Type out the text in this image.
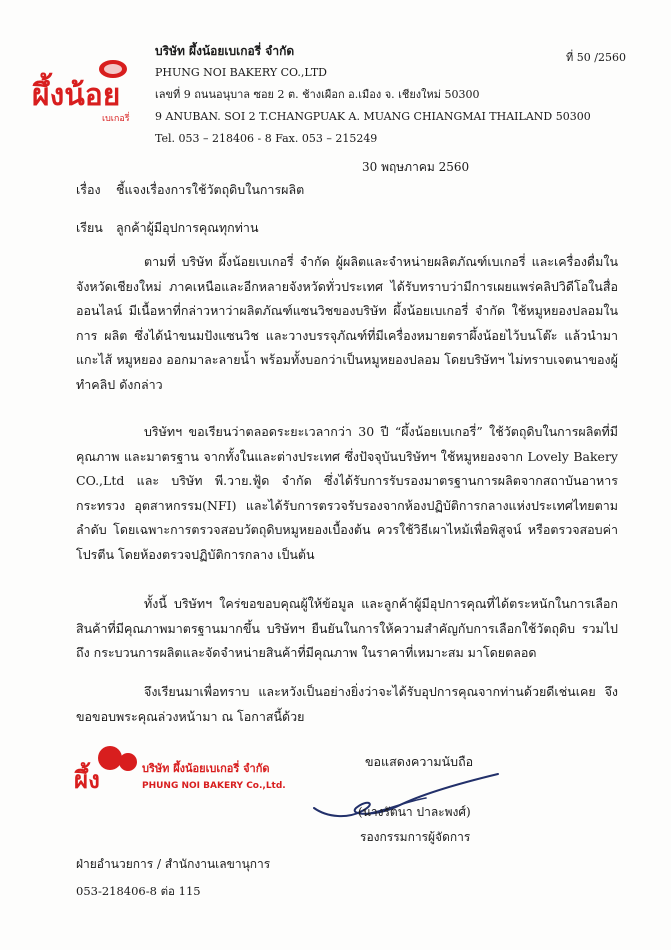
ผึ้งน้อย
เบเกอรี่
บริษัท ผึ้งน้อยเบเกอรี่ จำกัด
PHUNG NOI BAKERY CO.,LTD
เลขที่ 9 ถนนอนุบาล ซอย 2 ต. ช้างเผือก อ.เมือง จ. เชียงใหม่ 50300
9 ANUBAN. SOI 2 T.CHANGPUAK A. MUANG CHIANGMAI THAILAND 50300
Tel. 053 – 218406 - 8 Fax. 053 – 215249
ที่ 50 /2560
30 พฤษภาคม 2560
เรื่อง ชี้แจงเรื่องการใช้วัตถุดิบในการผลิต
เรียน ลูกค้าผู้มีอุปการคุณทุกท่าน
ตามที่ บริษัท ผึ้งน้อยเบเกอรี่ จำกัด ผู้ผลิตและจำหน่ายผลิตภัณฑ์เบเกอรี่ และเครื่องดื่มใน จังหวัดเชียงใหม่ ภาคเหนือและอีกหลายจังหวัดทั่วประเทศ ได้รับทราบว่ามีการเผยแพร่คลิปวิดีโอในสื่อ ออนไลน์ มีเนื้อหาที่กล่าวหาว่าผลิตภัณฑ์แซนวิชของบริษัท ผึ้งน้อยเบเกอรี่ จำกัด ใช้หมูหยองปลอมในการ ผลิต ซึ่งได้นำขนมปังแซนวิช และวางบรรจุภัณฑ์ที่มีเครื่องหมายตราผึ้งน้อยไว้บนโต๊ะ แล้วนำมาแกะไส้ หมูหยอง ออกมาละลายน้ำ พร้อมทั้งบอกว่าเป็นหมูหยองปลอม โดยบริษัทฯ ไม่ทราบเจตนาของผู้ทำคลิป ดังกล่าว
บริษัทฯ ขอเรียนว่าตลอดระยะเวลากว่า 30 ปี “ผึ้งน้อยเบเกอรี่” ใช้วัตถุดิบในการผลิตที่มี คุณภาพ และมาตรฐาน จากทั้งในและต่างประเทศ ซึ่งปัจจุบันบริษัทฯ ใช้หมูหยองจาก Lovely Bakery CO.,Ltd และ บริษัท พี.วาย.ฟู้ด จำกัด ซึ่งได้รับการรับรองมาตรฐานการผลิตจากสถาบันอาหาร กระทรวง อุตสาหกรรม(NFI) และได้รับการตรวจรับรองจากห้องปฏิบัติการกลางแห่งประเทศไทยตามลำดับ โดยเฉพาะการตรวจสอบวัตถุดิบหมูหยองเบื้องต้น ควรใช้วิธีเผาไหม้เพื่อพิสูจน์ หรือตรวจสอบค่าโปรตีน โดยห้องตรวจปฏิบัติการกลาง เป็นต้น
ทั้งนี้ บริษัทฯ ใคร่ขอขอบคุณผู้ให้ข้อมูล และลูกค้าผู้มีอุปการคุณที่ได้ตระหนักในการเลือก สินค้าที่มีคุณภาพมาตรฐานมากขึ้น บริษัทฯ ยืนยันในการให้ความสำคัญกับการเลือกใช้วัตถุดิบ รวมไปถึง กระบวนการผลิตและจัดจำหน่ายสินค้าที่มีคุณภาพ ในราคาที่เหมาะสม มาโดยตลอด
จึงเรียนมาเพื่อทราบ และหวังเป็นอย่างยิ่งว่าจะได้รับอุปการคุณจากท่านด้วยดีเช่นเคย จึง ขอขอบพระคุณล่วงหน้ามา ณ โอกาสนี้ด้วย
ผึ้ง	บริษัท ผึ้งน้อยเบเกอรี่ จำกัด
PHUNG NOI BAKERY Co.,Ltd.
ขอแสดงความนับถือ
(นางรัตนา ปาละพงศ์)
รองกรรมการผู้จัดการ
ฝ่ายอำนวยการ / สำนักงานเลขานุการ
053-218406-8 ต่อ 115
